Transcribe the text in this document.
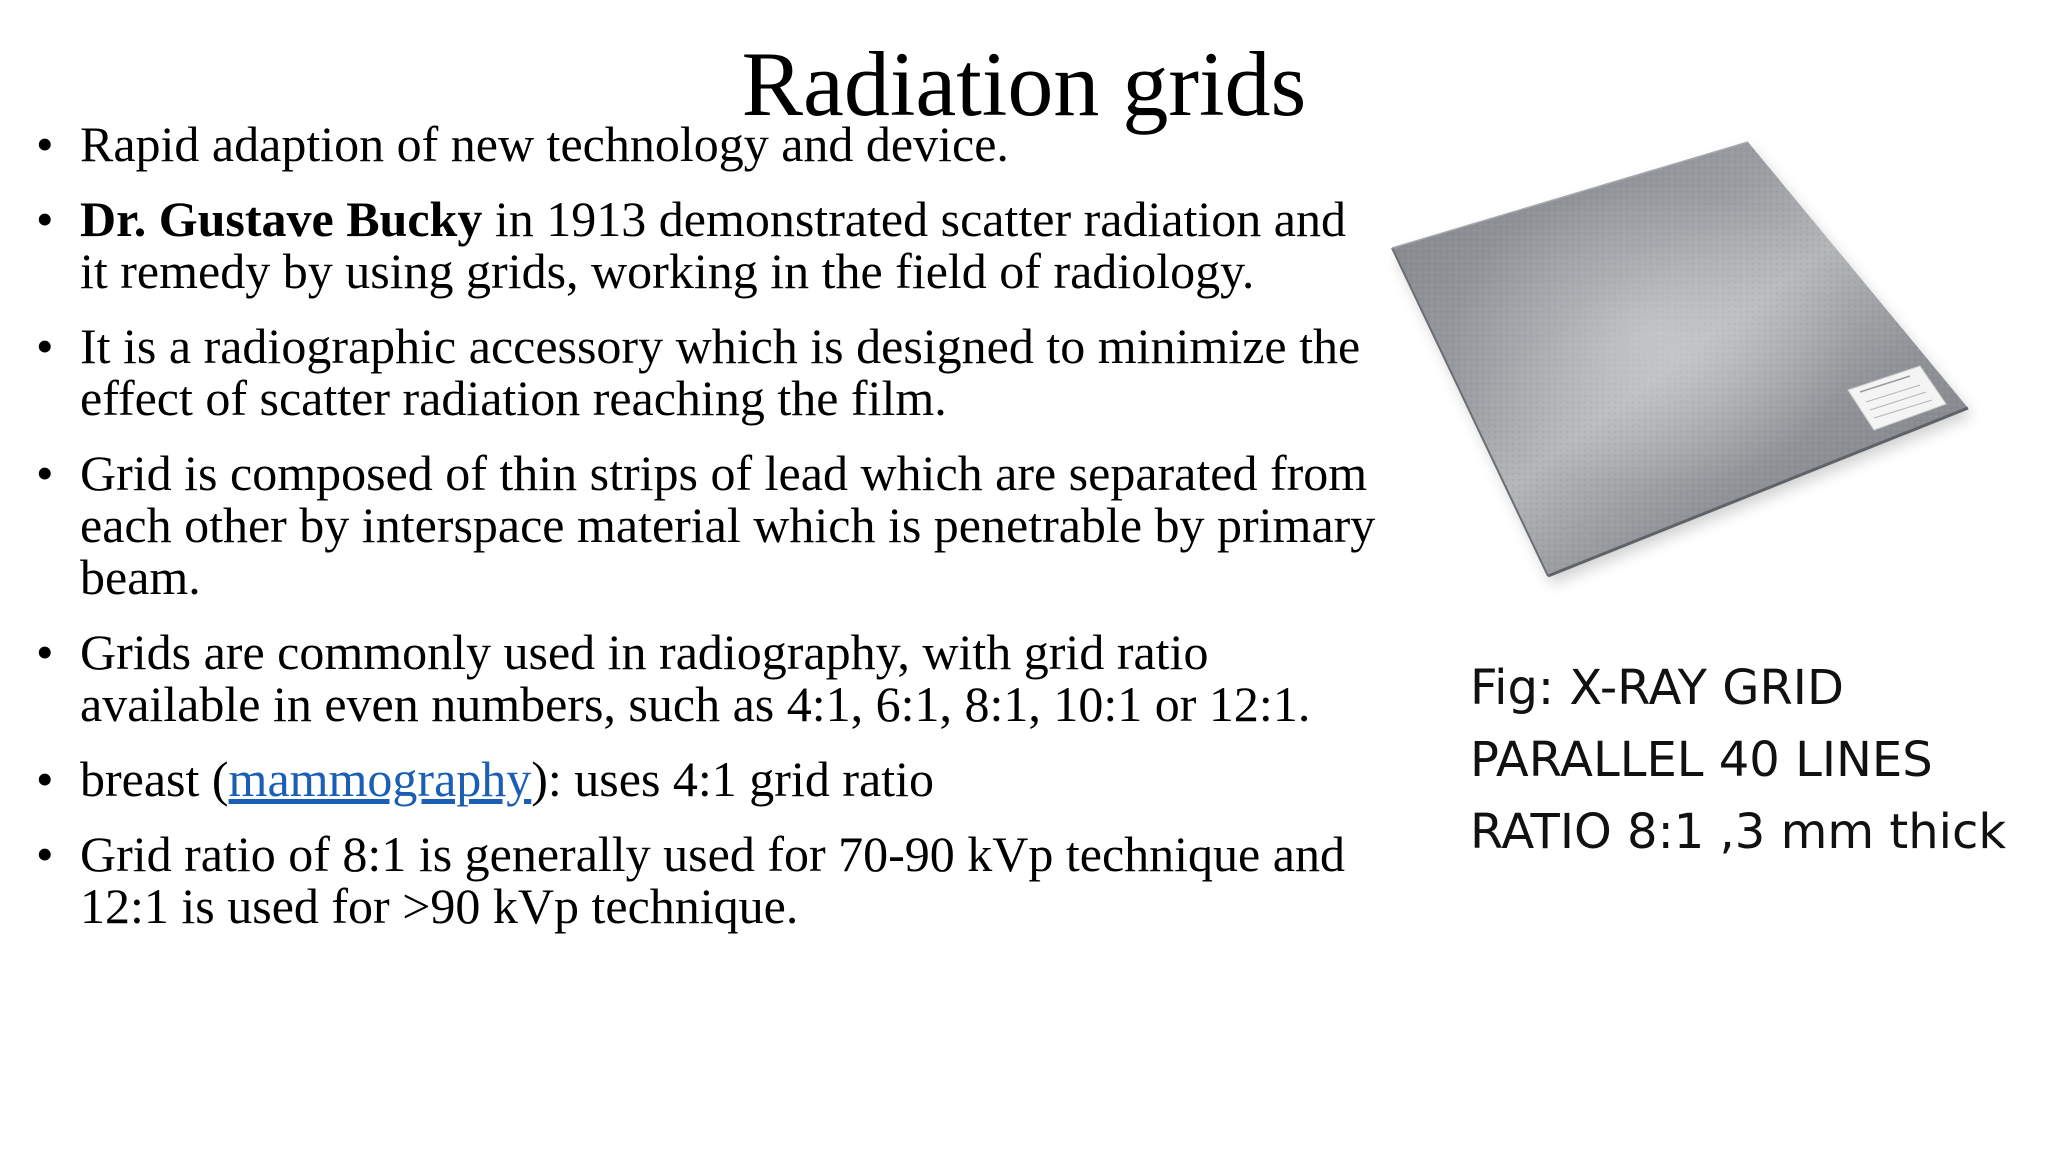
Radiation grids
• Rapid adaption of new technology and device.
• Dr. Gustave Bucky in 1913 demonstrated scatter radiation and it remedy by using grids, working in the field of radiology.
• It is a radiographic accessory which is designed to minimize the effect of scatter radiation reaching the film.
• Grid is composed of thin strips of lead which are separated from each other by interspace material which is penetrable by primary beam.
• Grids are commonly used in radiography, with grid ratio available in even numbers, such as 4:1, 6:1, 8:1, 10:1 or 12:1.
• breast (mammography): uses 4:1 grid ratio
• Grid ratio of 8:1 is generally used for 70-90 kVp technique and 12:1 is used for >90 kVp technique.
Fig: X-RAY GRID
PARALLEL 40 LINES
RATIO 8:1 ,3 mm thick
